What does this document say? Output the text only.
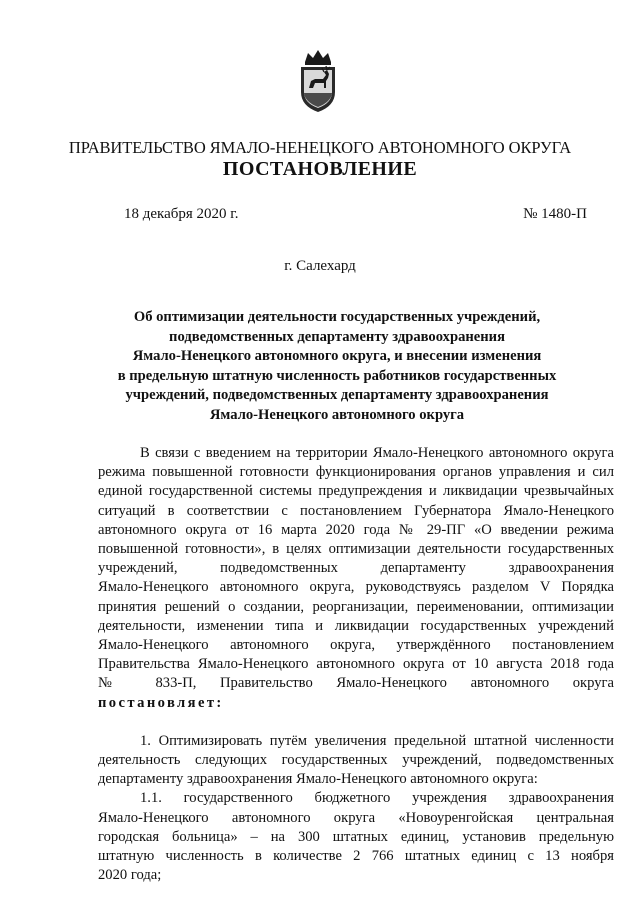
ПРАВИТЕЛЬСТВО ЯМАЛО-НЕНЕЦКОГО АВТОНОМНОГО ОКРУГА
ПОСТАНОВЛЕНИЕ
18 декабря 2020 г.	№ 1480-П
г. Салехард
Об оптимизации деятельности государственных учреждений,
подведомственных департаменту здравоохранения
Ямало-Ненецкого автономного округа, и внесении изменения
в предельную штатную численность работников государственных
учреждений, подведомственных департаменту здравоохранения
Ямало-Ненецкого автономного округа

В связи с введением на территории Ямало-Ненецкого автономного округа

режима повышенной готовности функционирования органов управления и сил

единой государственной системы предупреждения и ликвидации чрезвычайных

ситуаций в соответствии с постановлением Губернатора Ямало-Ненецкого

автономного округа от 16 марта 2020 года № 29-ПГ «О введении режима

повышенной готовности», в целях оптимизации деятельности государственных

учреждений, подведомственных департаменту здравоохранения

Ямало-Ненецкого автономного округа, руководствуясь разделом V Порядка

принятия решений о создании, реорганизации, переименовании, оптимизации

деятельности, изменении типа и ликвидации государственных учреждений

Ямало-Ненецкого автономного округа, утверждённого постановлением

Правительства Ямало-Ненецкого автономного округа от 10 августа 2018 года

№ 833-П, Правительство Ямало-Ненецкого автономного округа

постановляет:

1. Оптимизировать путём увеличения предельной штатной численности

деятельность следующих государственных учреждений, подведомственных

департаменту здравоохранения Ямало-Ненецкого автономного округа:

1.1. государственного бюджетного учреждения здравоохранения

Ямало-Ненецкого автономного округа «Новоуренгойская центральная

городская больница» – на 300 штатных единиц, установив предельную

штатную численность в количестве 2 766 штатных единиц с 13 ноября

2020 года;
